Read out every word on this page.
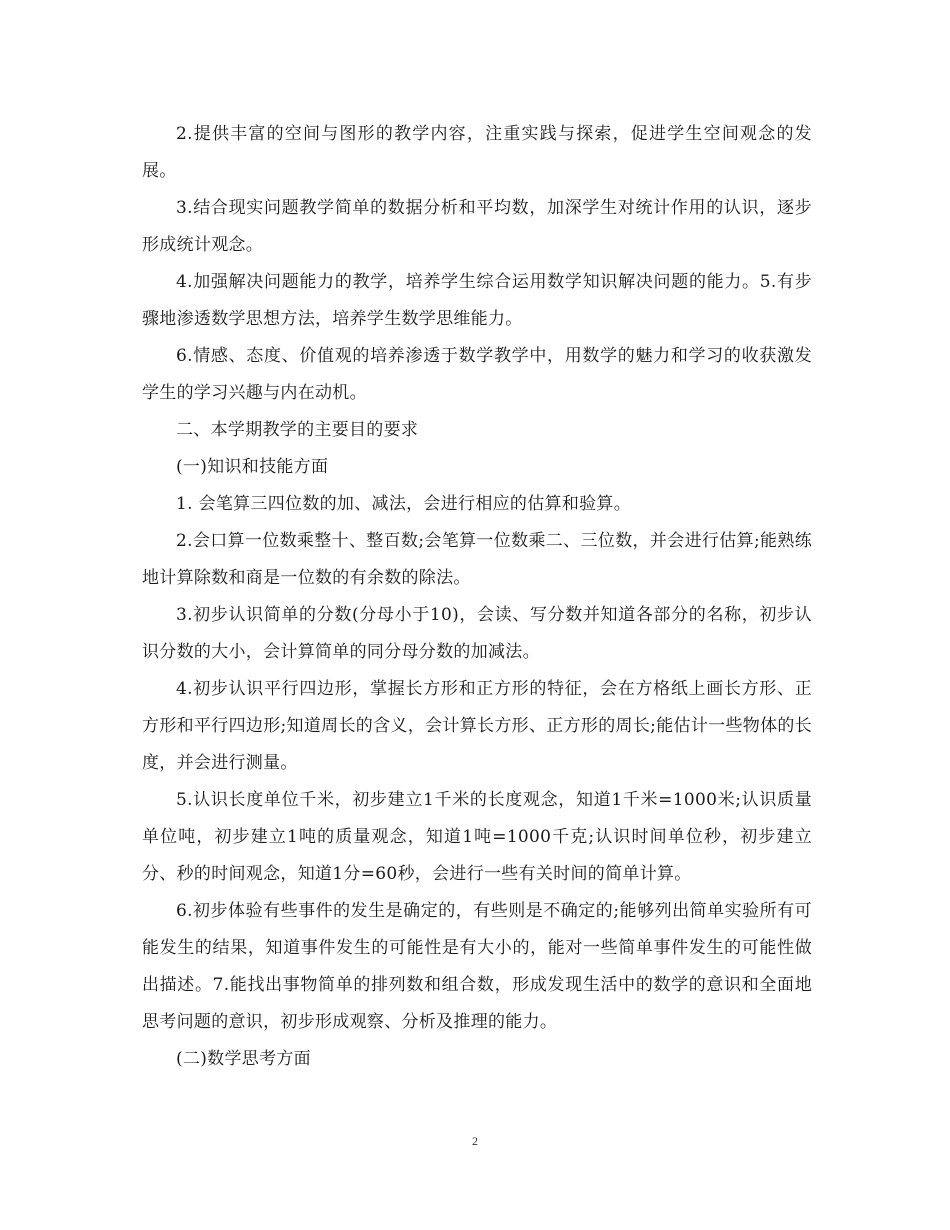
2.提供丰富的空间与图形的教学内容，注重实践与探索，促进学生空间观念的发展。

3.结合现实问题教学简单的数据分析和平均数，加深学生对统计作用的认识，逐步形成统计观念。

4.加强解决问题能力的教学，培养学生综合运用数学知识解决问题的能力。5.有步骤地渗透数学思想方法，培养学生数学思维能力。

6.情感、态度、价值观的培养渗透于数学教学中，用数学的魅力和学习的收获激发学生的学习兴趣与内在动机。

二、本学期教学的主要目的要求

(一)知识和技能方面

1. 会笔算三四位数的加、减法，会进行相应的估算和验算。

2.会口算一位数乘整十、整百数;会笔算一位数乘二、三位数，并会进行估算;能熟练地计算除数和商是一位数的有余数的除法。

3.初步认识简单的分数(分母小于10)，会读、写分数并知道各部分的名称，初步认识分数的大小，会计算简单的同分母分数的加减法。

4.初步认识平行四边形，掌握长方形和正方形的特征，会在方格纸上画长方形、正方形和平行四边形;知道周长的含义，会计算长方形、正方形的周长;能估计一些物体的长度，并会进行测量。

5.认识长度单位千米，初步建立1千米的长度观念，知道1千米=1000米;认识质量单位吨，初步建立1吨的质量观念，知道1吨=1000千克;认识时间单位秒，初步建立分、秒的时间观念，知道1分=60秒，会进行一些有关时间的简单计算。

6.初步体验有些事件的发生是确定的，有些则是不确定的;能够列出简单实验所有可能发生的结果，知道事件发生的可能性是有大小的，能对一些简单事件发生的可能性做出描述。7.能找出事物简单的排列数和组合数，形成发现生活中的数学的意识和全面地思考问题的意识，初步形成观察、分析及推理的能力。

(二)数学思考方面

2
